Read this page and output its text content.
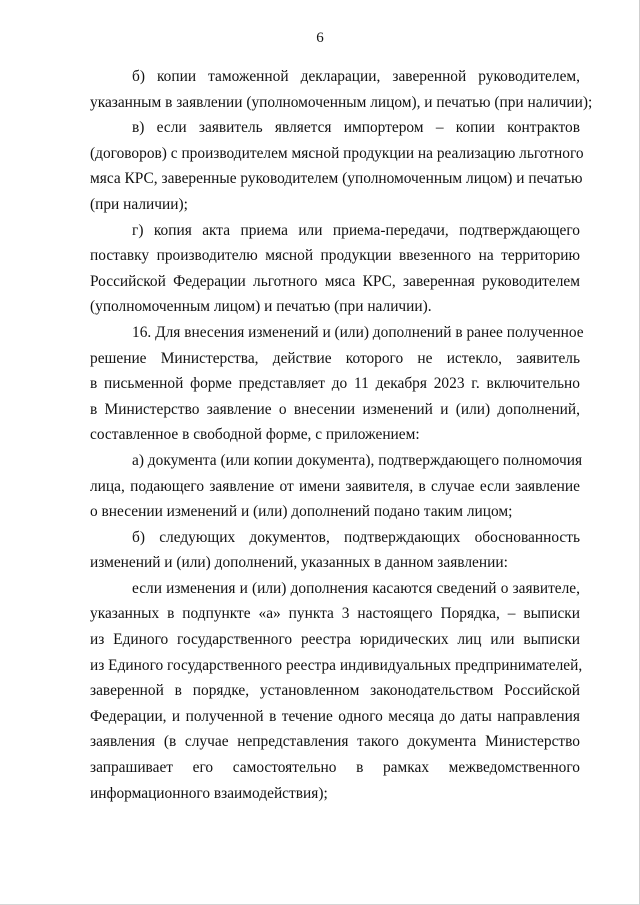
6
б) копии таможенной декларации, заверенной руководителем,
указанным в заявлении (уполномоченным лицом), и печатью (при наличии);
в) если заявитель является импортером – копии контрактов
(договоров) с производителем мясной продукции на реализацию льготного
мяса КРС, заверенные руководителем (уполномоченным лицом) и печатью
(при наличии);
г) копия акта приема или приема-передачи, подтверждающего
поставку производителю мясной продукции ввезенного на территорию
Российской Федерации льготного мяса КРС, заверенная руководителем
(уполномоченным лицом) и печатью (при наличии).
16. Для внесения изменений и (или) дополнений в ранее полученное
решение Министерства, действие которого не истекло, заявитель
в письменной форме представляет до 11 декабря 2023 г. включительно
в Министерство заявление о внесении изменений и (или) дополнений,
составленное в свободной форме, с приложением:
а) документа (или копии документа), подтверждающего полномочия
лица, подающего заявление от имени заявителя, в случае если заявление
о внесении изменений и (или) дополнений подано таким лицом;
б) следующих документов, подтверждающих обоснованность
изменений и (или) дополнений, указанных в данном заявлении:
если изменения и (или) дополнения касаются сведений о заявителе,
указанных в подпункте «а» пункта 3 настоящего Порядка, – выписки
из Единого государственного реестра юридических лиц или выписки
из Единого государственного реестра индивидуальных предпринимателей,
заверенной в порядке, установленном законодательством Российской
Федерации, и полученной в течение одного месяца до даты направления
заявления (в случае непредставления такого документа Министерство
запрашивает его самостоятельно в рамках межведомственного
информационного взаимодействия);
